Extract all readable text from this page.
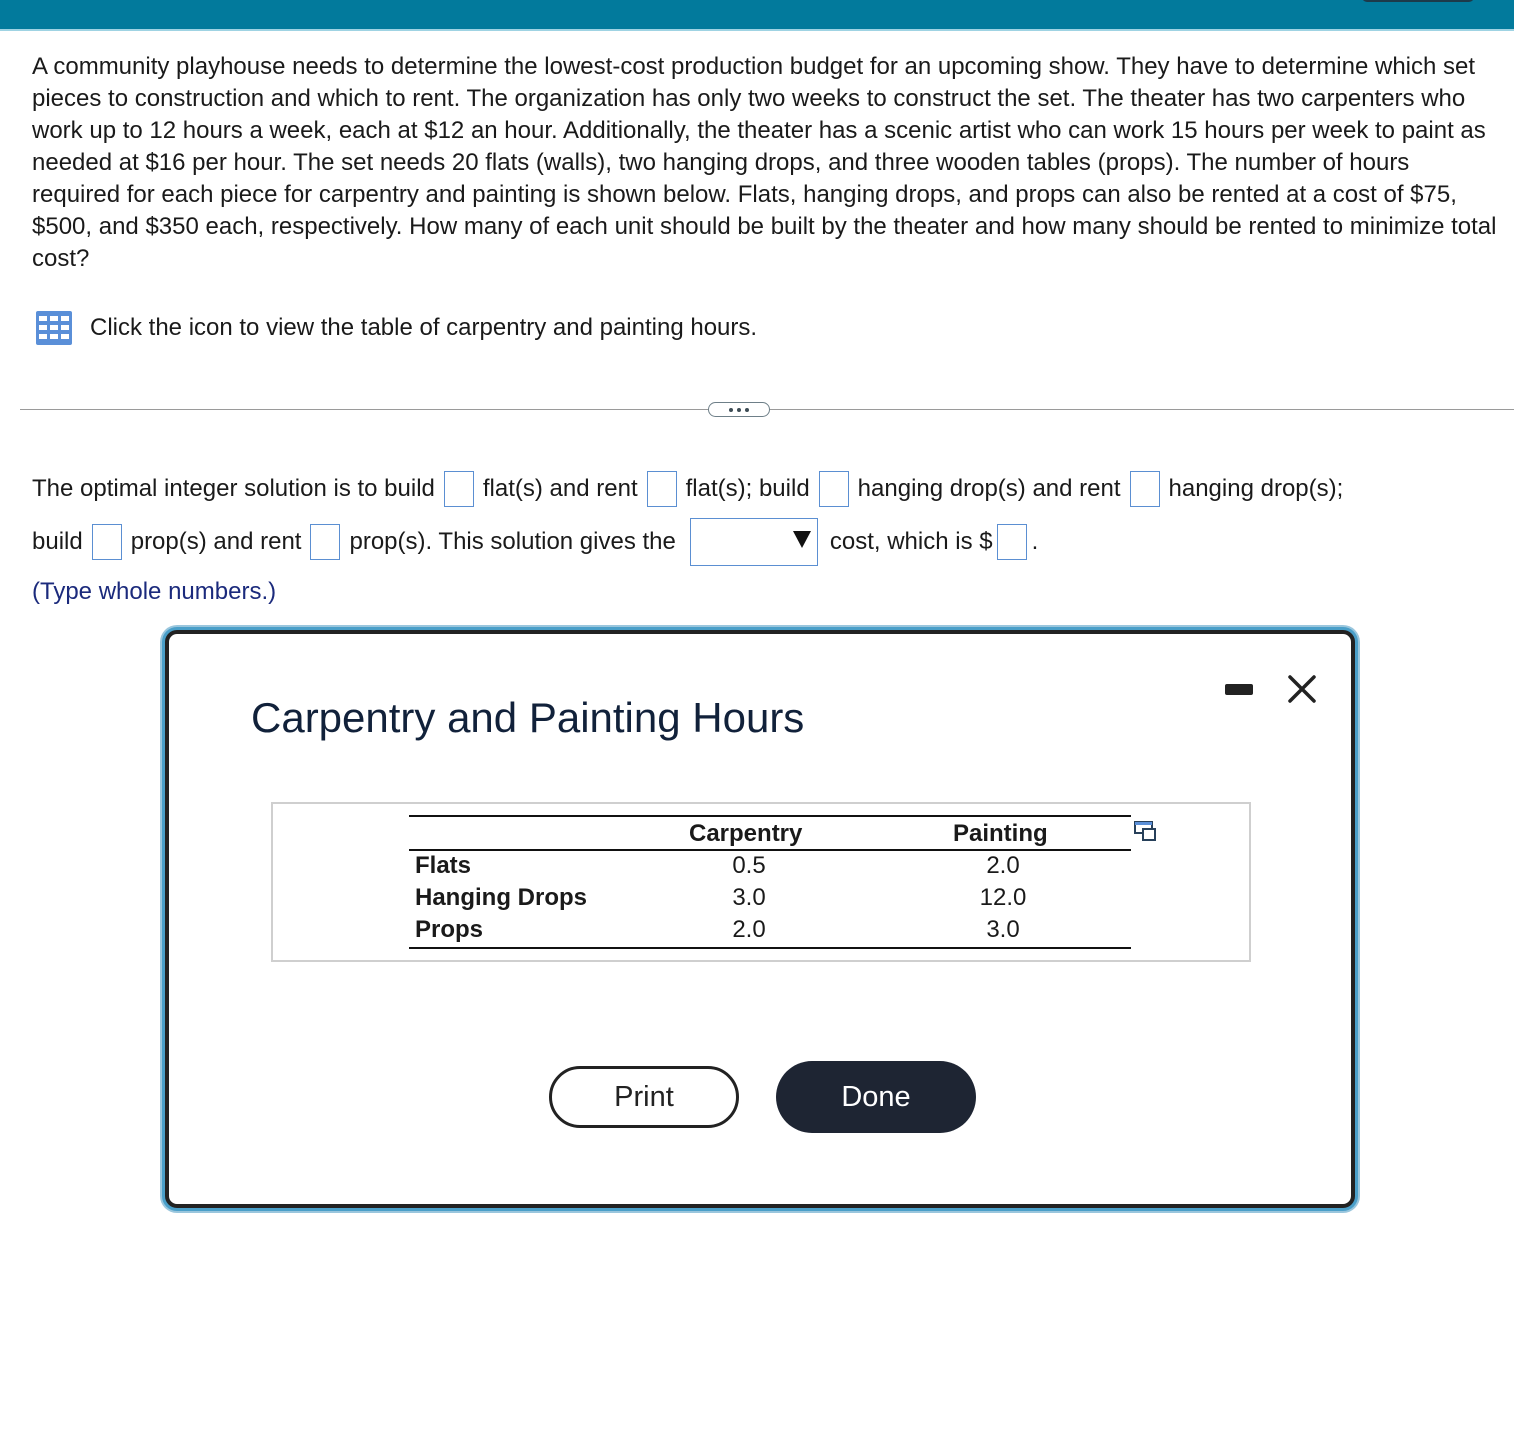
A community playhouse needs to determine the lowest-cost production budget for an upcoming show. They have to determine which set pieces to construction and which to rent. The organization has only two weeks to construct the set. The theater has two carpenters who work up to 12 hours a week, each at $12 an hour. Additionally, the theater has a scenic artist who can work 15 hours per week to paint as needed at $16 per hour. The set needs 20 flats (walls), two hanging drops, and three wooden tables (props). The number of hours required for each piece for carpentry and painting is shown below. Flats, hanging drops, and props can also be rented at a cost of $75, $500, and $350 each, respectively. How many of each unit should be built by the theater and how many should be rented to minimize total cost?

Click the icon to view the table of carpentry and painting hours.
The optimal integer solution is to build flat(s) and rent flat(s); build hanging drop(s) and rent hanging drop(s);
build prop(s) and rent prop(s). This solution gives the	cost, which is $ .
(Type whole numbers.)
Carpentry and Painting Hours
Carpentry	Painting
Flats	0.5	2.0
Hanging Drops	3.0	12.0
Props	2.0	3.0
Print	Done
